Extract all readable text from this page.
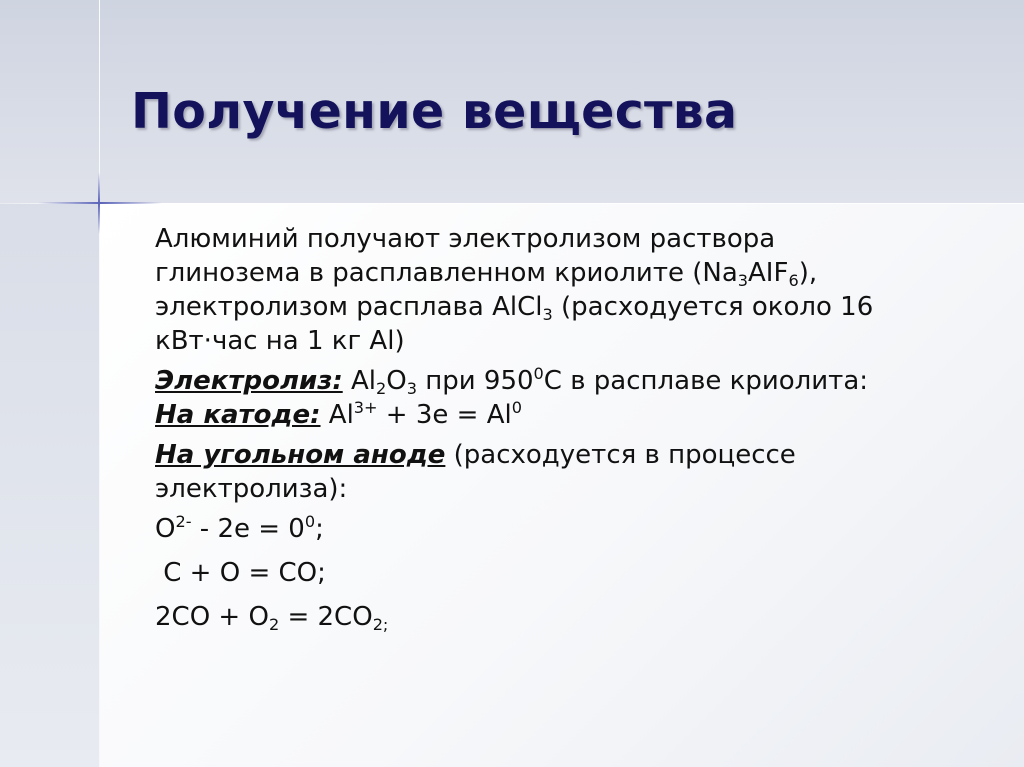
Получение вещества

Алюминий получают электролизом раствора
глинозема в расплавленном криолите $(Na_3AIF_6)$,
электролизом расплава AlCl$_3$ (расходуется около 16
кВт·час на 1 кг Al)

Электролиз: $Al_2O_3$ при $950^0С$ в расплаве криолита:

На катоде: $Al^{3+} + 3e = Al^0$

На угольном аноде (расходуется в процессе
электролиза):

$O^{2-} - 2e = 0^0$;

C + O = CO;

$2CO + O_2 = 2CO_{2;}$
